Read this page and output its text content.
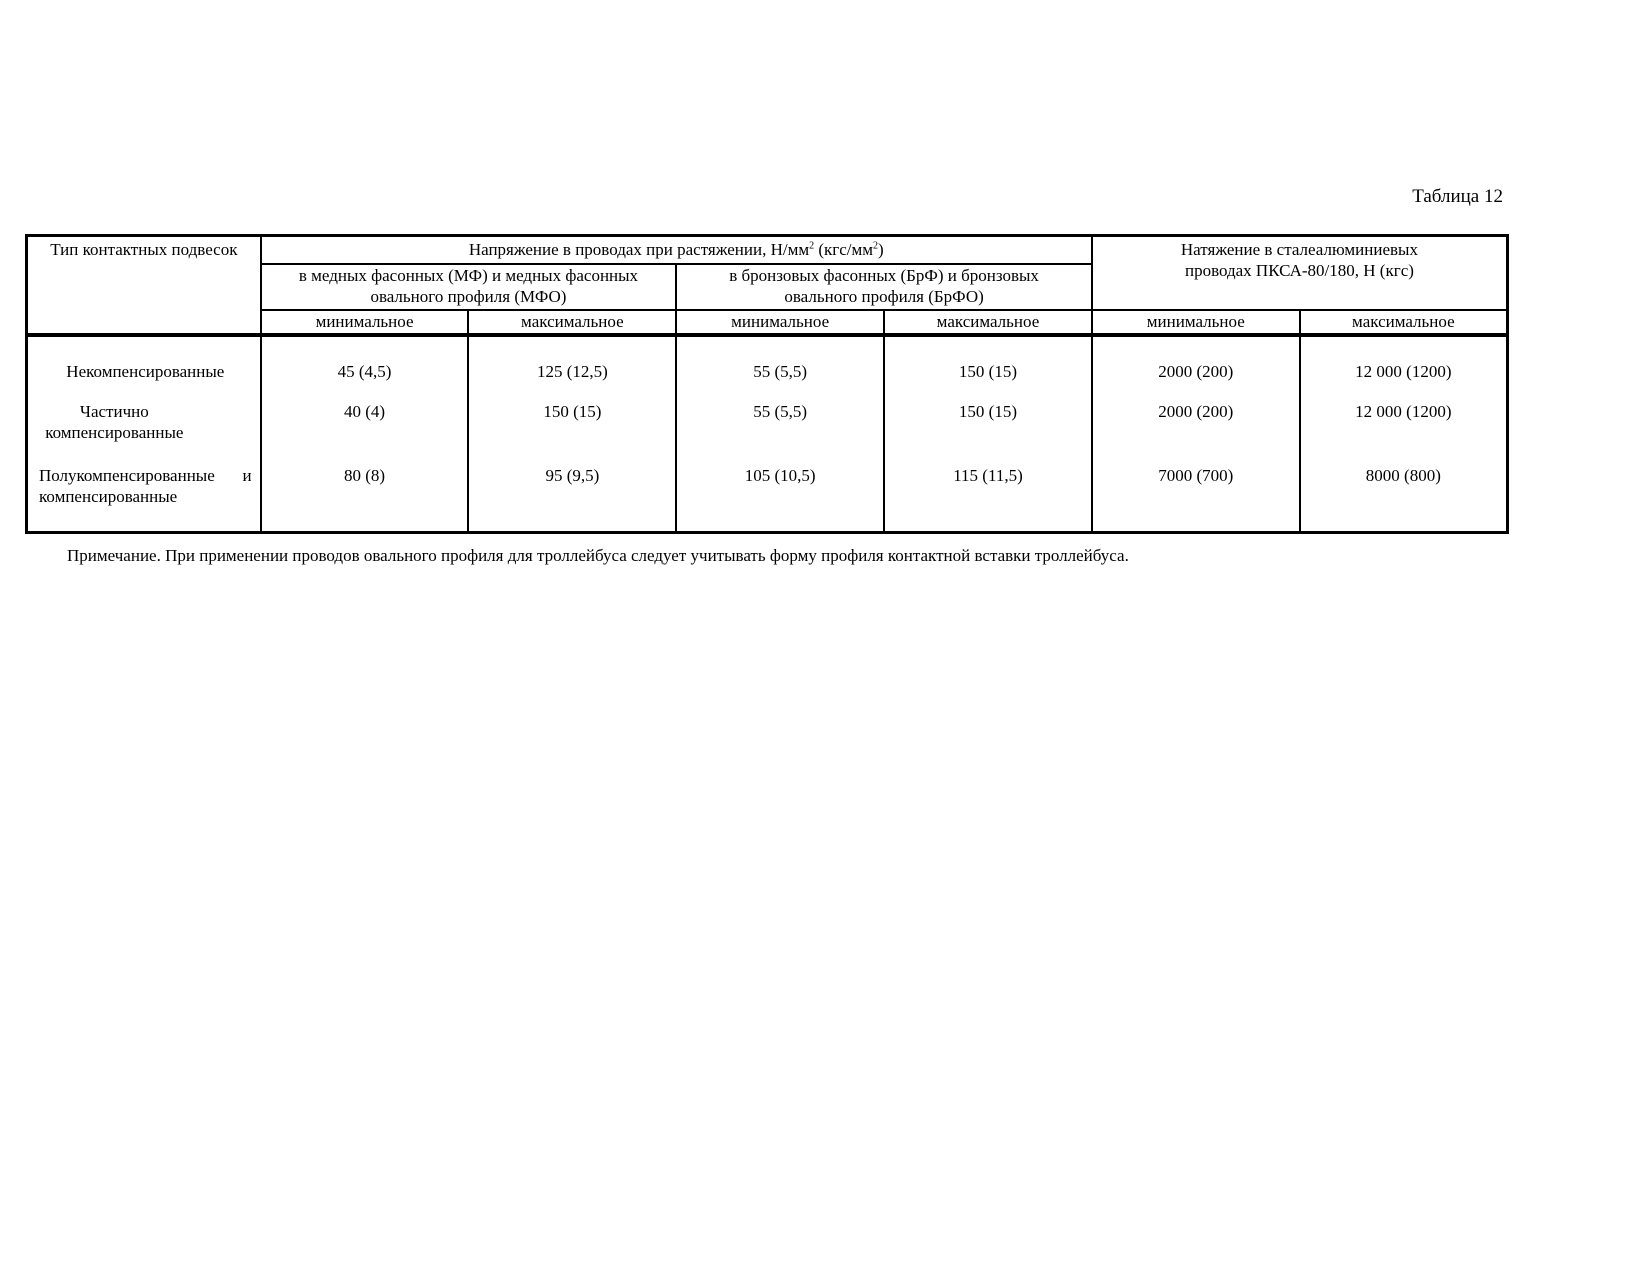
Таблица 12
Тип контактных подвесок	Напряжение в проводах при растяжении, $Н/мм^2$ $(кгс/мм^2)$				Натяжение в сталеалюминиевых проводах ПКСА-80/180, Н (кгс)	
	в медных фасонных (МФ) и медных фасонных овального профиля (МФО)		в бронзовых фасонных (БрФ) и бронзовых овального профиля (БрФО)			
	минимальное	максимальное	минимальное	максимальное	минимальное	максимальное
Некомпенсированные	45 (4,5)	125 (12,5)	55 (5,5)	150 (15)	2000 (200)	12 000 (1200)
Частично компенсированные	40 (4)	150 (15)	55 (5,5)	150 (15)	2000 (200)	12 000 (1200)
Полукомпенсированные и компенсированные	80 (8)	95 (9,5)	105 (10,5)	115 (11,5)	7000 (700)	8000 (800)
Примечание. При применении проводов овального профиля для троллейбуса следует учитывать форму профиля контактной вставки троллейбуса.
